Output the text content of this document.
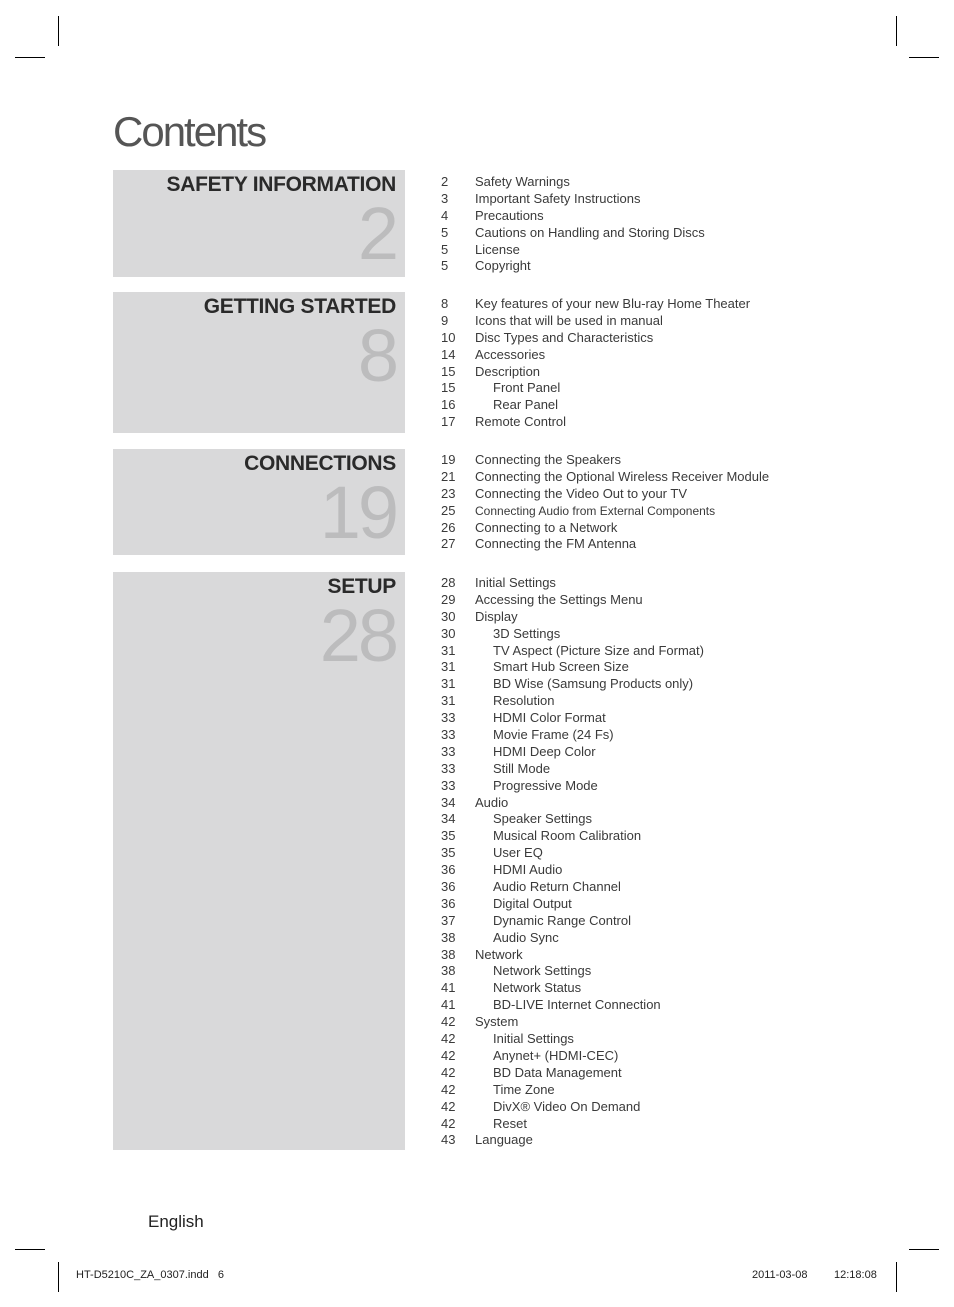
Contents
SAFETY INFORMATION
2
2	Safety Warnings
3	Important Safety Instructions
4	Precautions
5	Cautions on Handling and Storing Discs
5	License
5	Copyright
GETTING STARTED
8
8	Key features of your new Blu-ray Home Theater
9	Icons that will be used in manual
10	Disc Types and Characteristics
14	Accessories
15	Description
15	Front Panel
16	Rear Panel
17	Remote Control
CONNECTIONS
19
19	Connecting the Speakers
21	Connecting the Optional Wireless Receiver Module
23	Connecting the Video Out to your TV
25	Connecting Audio from External Components
26	Connecting to a Network
27	Connecting the FM Antenna
SETUP
28
28	Initial Settings
29	Accessing the Settings Menu
30	Display
30	3D Settings
31	TV Aspect (Picture Size and Format)
31	Smart Hub Screen Size
31	BD Wise (Samsung Products only)
31	Resolution
33	HDMI Color Format
33	Movie Frame (24 Fs)
33	HDMI Deep Color
33	Still Mode
33	Progressive Mode
34	Audio
34	Speaker Settings
35	Musical Room Calibration
35	User EQ
36	HDMI Audio
36	Audio Return Channel
36	Digital Output
37	Dynamic Range Control
38	Audio Sync
38	Network
38	Network Settings
41	Network Status
41	BD-LIVE Internet Connection
42	System
42	Initial Settings
42	Anynet+ (HDMI-CEC)
42	BD Data Management
42	Time Zone
42	DivX® Video On Demand
42	Reset
43	Language
English
HT-D5210C_ZA_0307.indd   6	2011-03-08 12:18:08
